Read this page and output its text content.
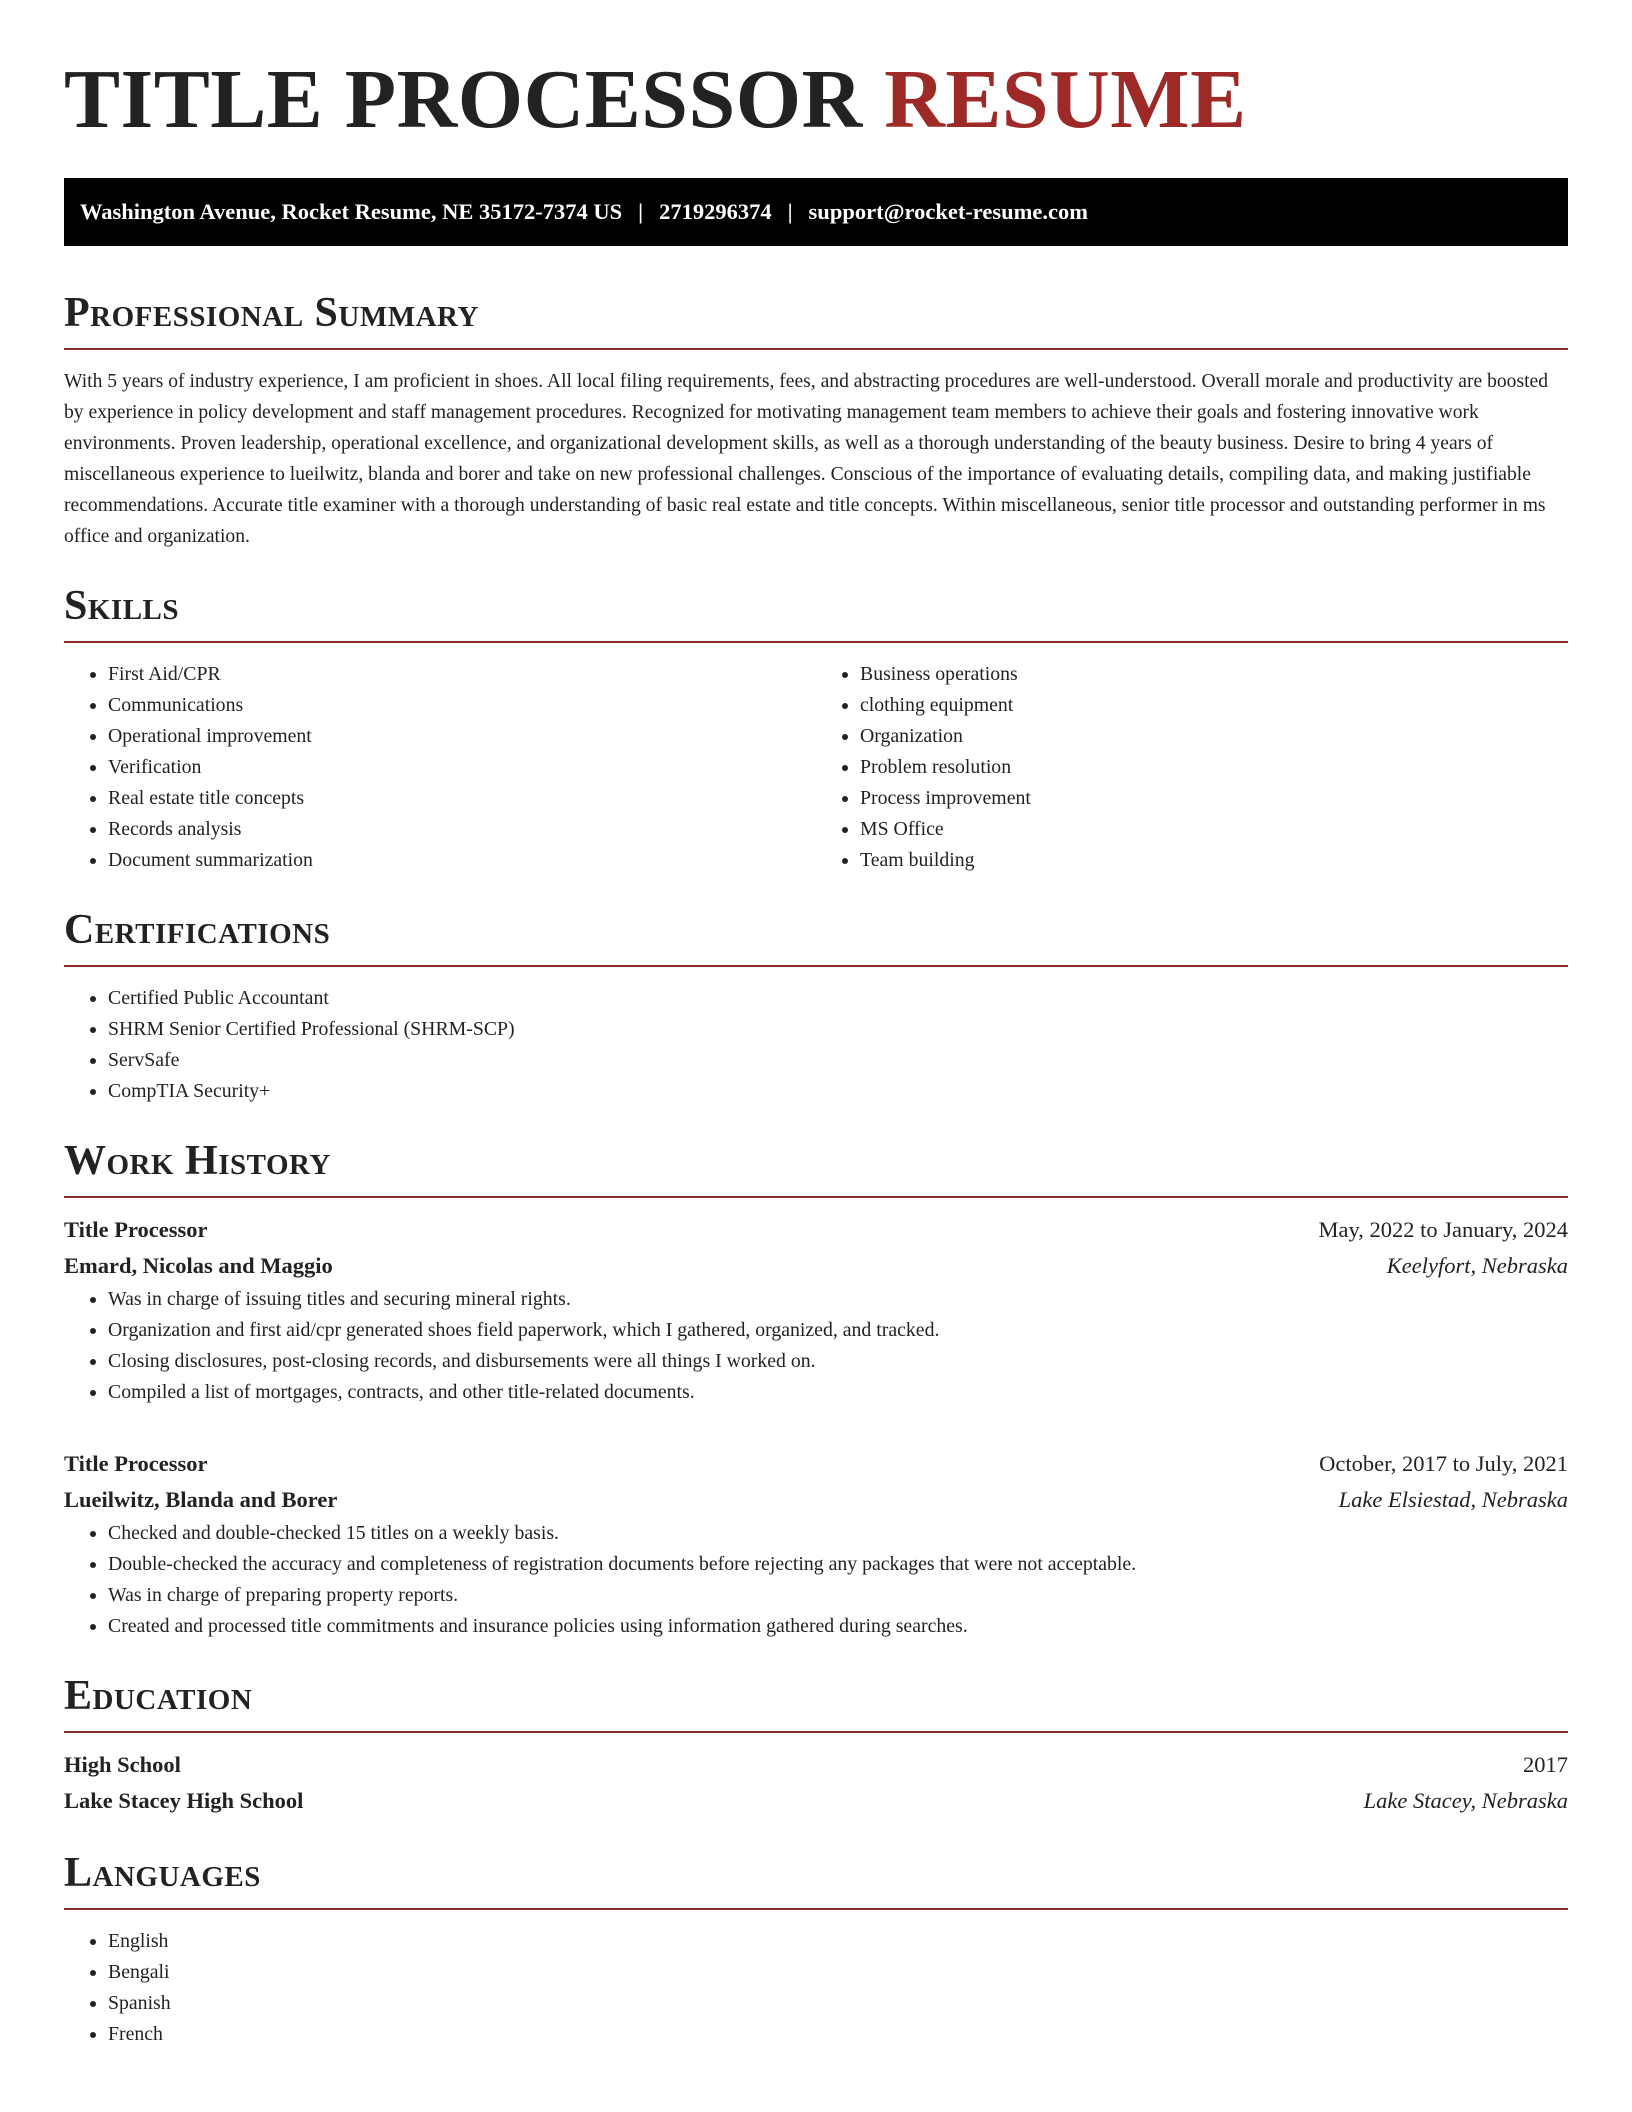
TITLE PROCESSOR RESUME
Washington Avenue, Rocket Resume, NE 35172-7374 US | 2719296374 | support@rocket-resume.com
Professional Summary

With 5 years of industry experience, I am proficient in shoes. All local filing requirements, fees, and abstracting procedures are well-understood. Overall morale and productivity are boosted by experience in policy development and staff management procedures. Recognized for motivating management team members to achieve their goals and fostering innovative work environments. Proven leadership, operational excellence, and organizational development skills, as well as a thorough understanding of the beauty business. Desire to bring 4 years of miscellaneous experience to lueilwitz, blanda and borer and take on new professional challenges. Conscious of the importance of evaluating details, compiling data, and making justifiable recommendations. Accurate title examiner with a thorough understanding of basic real estate and title concepts. Within miscellaneous, senior title processor and outstanding performer in ms office and organization.

Skills
• First Aid/CPR
• Communications
• Operational improvement
• Verification
• Real estate title concepts
• Records analysis
• Document summarization
• Business operations
• clothing equipment
• Organization
• Problem resolution
• Process improvement
• MS Office
• Team building
Certifications
• Certified Public Accountant
• SHRM Senior Certified Professional (SHRM-SCP)
• ServSafe
• CompTIA Security+
Work History
Title Processor	May, 2022 to January, 2024
Emard, Nicolas and Maggio	Keelyfort, Nebraska
• Was in charge of issuing titles and securing mineral rights.
• Organization and first aid/cpr generated shoes field paperwork, which I gathered, organized, and tracked.
• Closing disclosures, post-closing records, and disbursements were all things I worked on.
• Compiled a list of mortgages, contracts, and other title-related documents.
Title Processor	October, 2017 to July, 2021
Lueilwitz, Blanda and Borer	Lake Elsiestad, Nebraska
• Checked and double-checked 15 titles on a weekly basis.
• Double-checked the accuracy and completeness of registration documents before rejecting any packages that were not acceptable.
• Was in charge of preparing property reports.
• Created and processed title commitments and insurance policies using information gathered during searches.
Education
High School	2017
Lake Stacey High School	Lake Stacey, Nebraska
Languages
• English
• Bengali
• Spanish
• French
